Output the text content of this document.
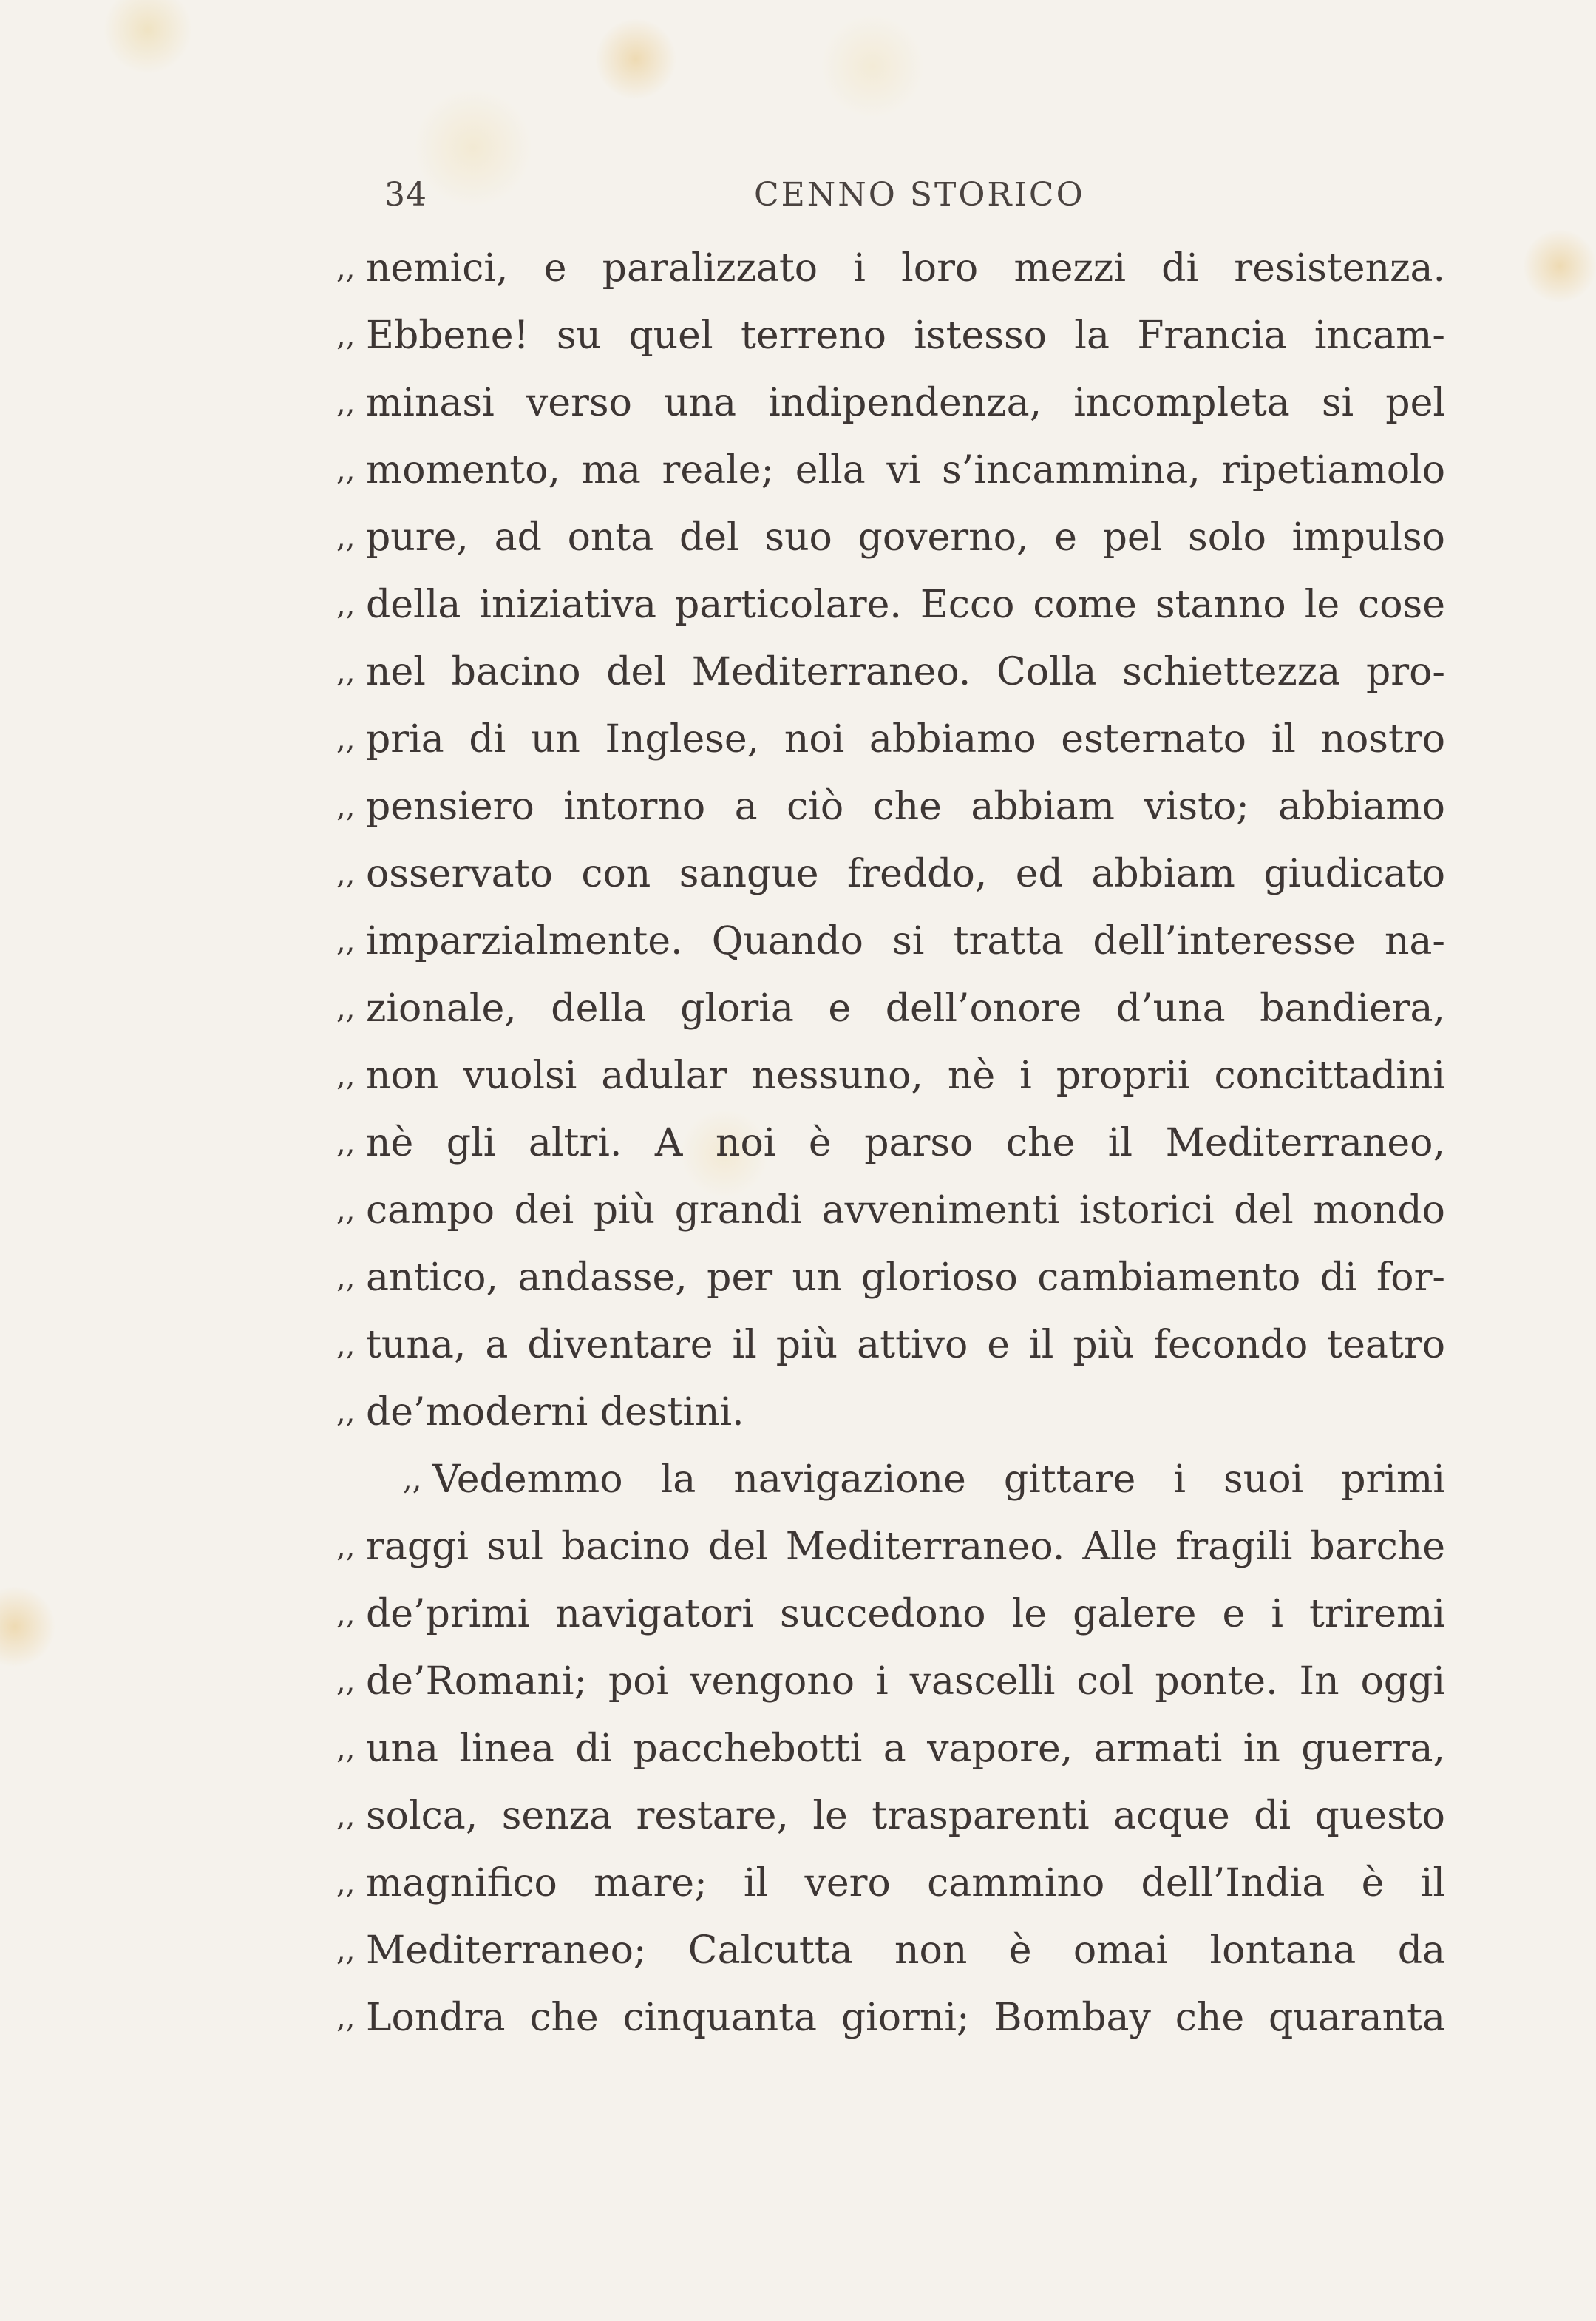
34	CENNO STORICO
,, nemici, e paralizzato i loro mezzi di resistenza.
,, Ebbene! su quel terreno istesso la Francia incam-
,, minasi verso una indipendenza, incompleta si pel
,, momento, ma reale; ella vi s’incammina, ripetiamolo
,, pure, ad onta del suo governo, e pel solo impulso
,, della iniziativa particolare. Ecco come stanno le cose
,, nel bacino del Mediterraneo. Colla schiettezza pro-
,, pria di un Inglese, noi abbiamo esternato il nostro
,, pensiero intorno a ciò che abbiam visto; abbiamo
,, osservato con sangue freddo, ed abbiam giudicato
,, imparzialmente. Quando si tratta dell’interesse na-
,, zionale, della gloria e dell’onore d’una bandiera,
,, non vuolsi adular nessuno, nè i proprii concittadini
,, nè gli altri. A noi è parso che il Mediterraneo,
,, campo dei più grandi avvenimenti istorici del mondo
,, antico, andasse, per un glorioso cambiamento di for-
,, tuna, a diventare il più attivo e il più fecondo teatro
,, de’moderni destini.
,, Vedemmo la navigazione gittare i suoi primi
,, raggi sul bacino del Mediterraneo. Alle fragili barche
,, de’primi navigatori succedono le galere e i triremi
,, de’Romani; poi vengono i vascelli col ponte. In oggi
,, una linea di pacchebotti a vapore, armati in guerra,
,, solca, senza restare, le trasparenti acque di questo
,, magnifico mare; il vero cammino dell’India è il
,, Mediterraneo; Calcutta non è omai lontana da
,, Londra che cinquanta giorni; Bombay che quaranta
